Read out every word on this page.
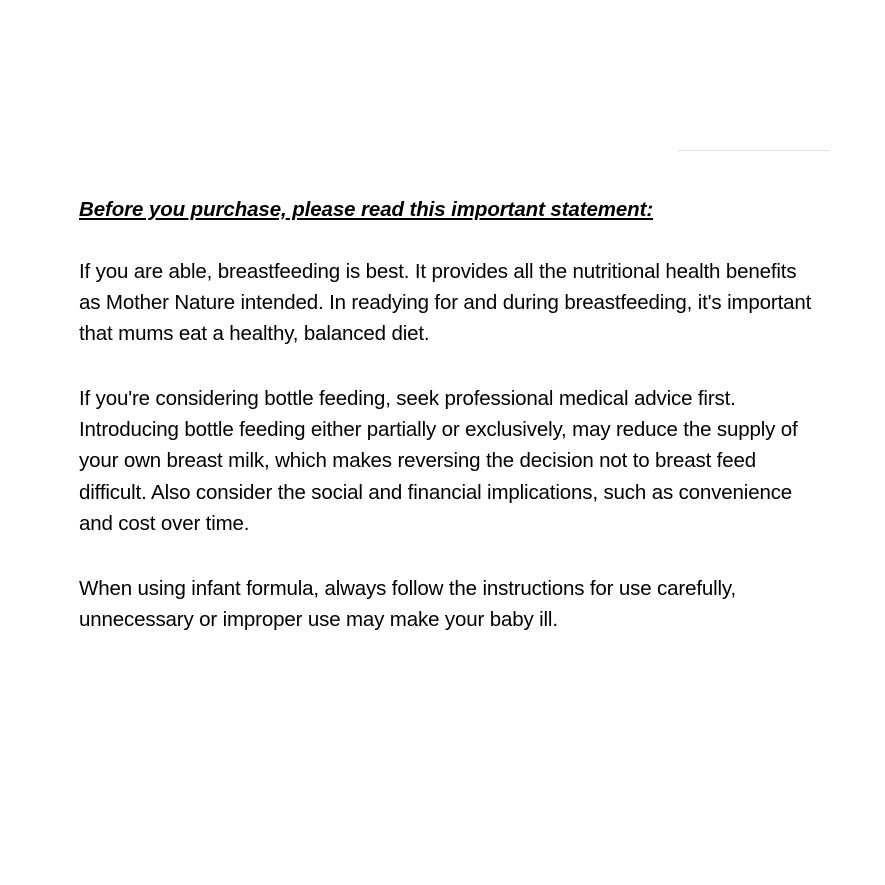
Before you purchase, please read this important statement:

If you are able, breastfeeding is best. It provides all the nutritional health benefits as Mother Nature intended. In readying for and during breastfeeding, it's important that mums eat a healthy, balanced diet.

If you're considering bottle feeding, seek professional medical advice first. Introducing bottle feeding either partially or exclusively, may reduce the supply of your own breast milk, which makes reversing the decision not to breast feed difficult. Also consider the social and financial implications, such as convenience and cost over time.

When using infant formula, always follow the instructions for use carefully, unnecessary or improper use may make your baby ill.
